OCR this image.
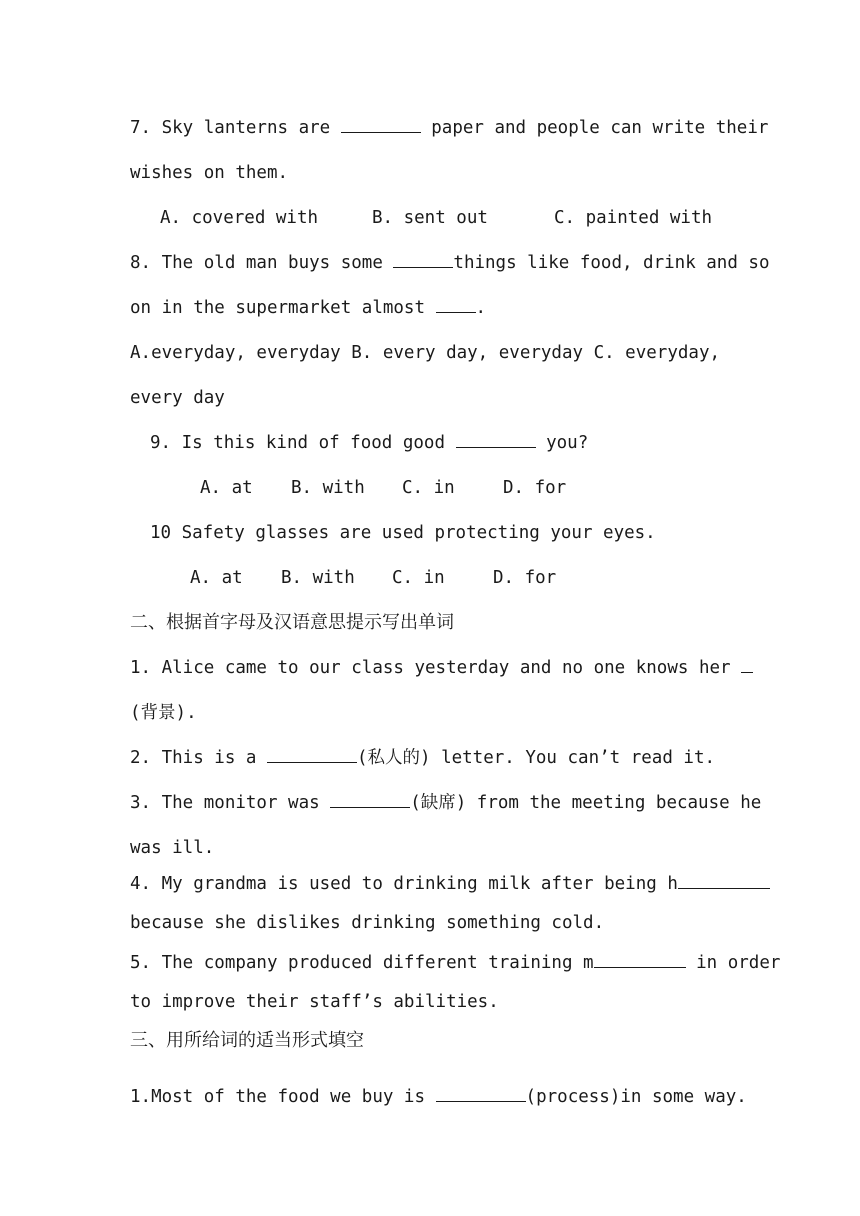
7. Sky lanterns are	paper and people can write their
wishes on them.
A. covered with	B. sent out	C. painted with
8. The old man buys some	things like food, drink and so
on in the supermarket almost .
A.everyday, everyday B. every day, everyday C. everyday,
every day
9. Is this kind of food good	you?
A. at B. with C. in	D. for
10 Safety glasses are used protecting your eyes.
A. at B. with C. in	D. for
二、根据首字母及汉语意思提示写出单词
1. Alice came to our class yesterday and no one knows her
(背景).
2. This is a	(私人的) letter. You can’t read it.
3. The monitor was	(缺席) from the meeting because he
was ill.
4. My grandma is used to drinking milk after being h
because she dislikes drinking something cold.
5. The company produced different training m	in order
to improve their staff’s abilities.
三、用所给词的适当形式填空
1.Most of the food we buy is	(process)in some way.
